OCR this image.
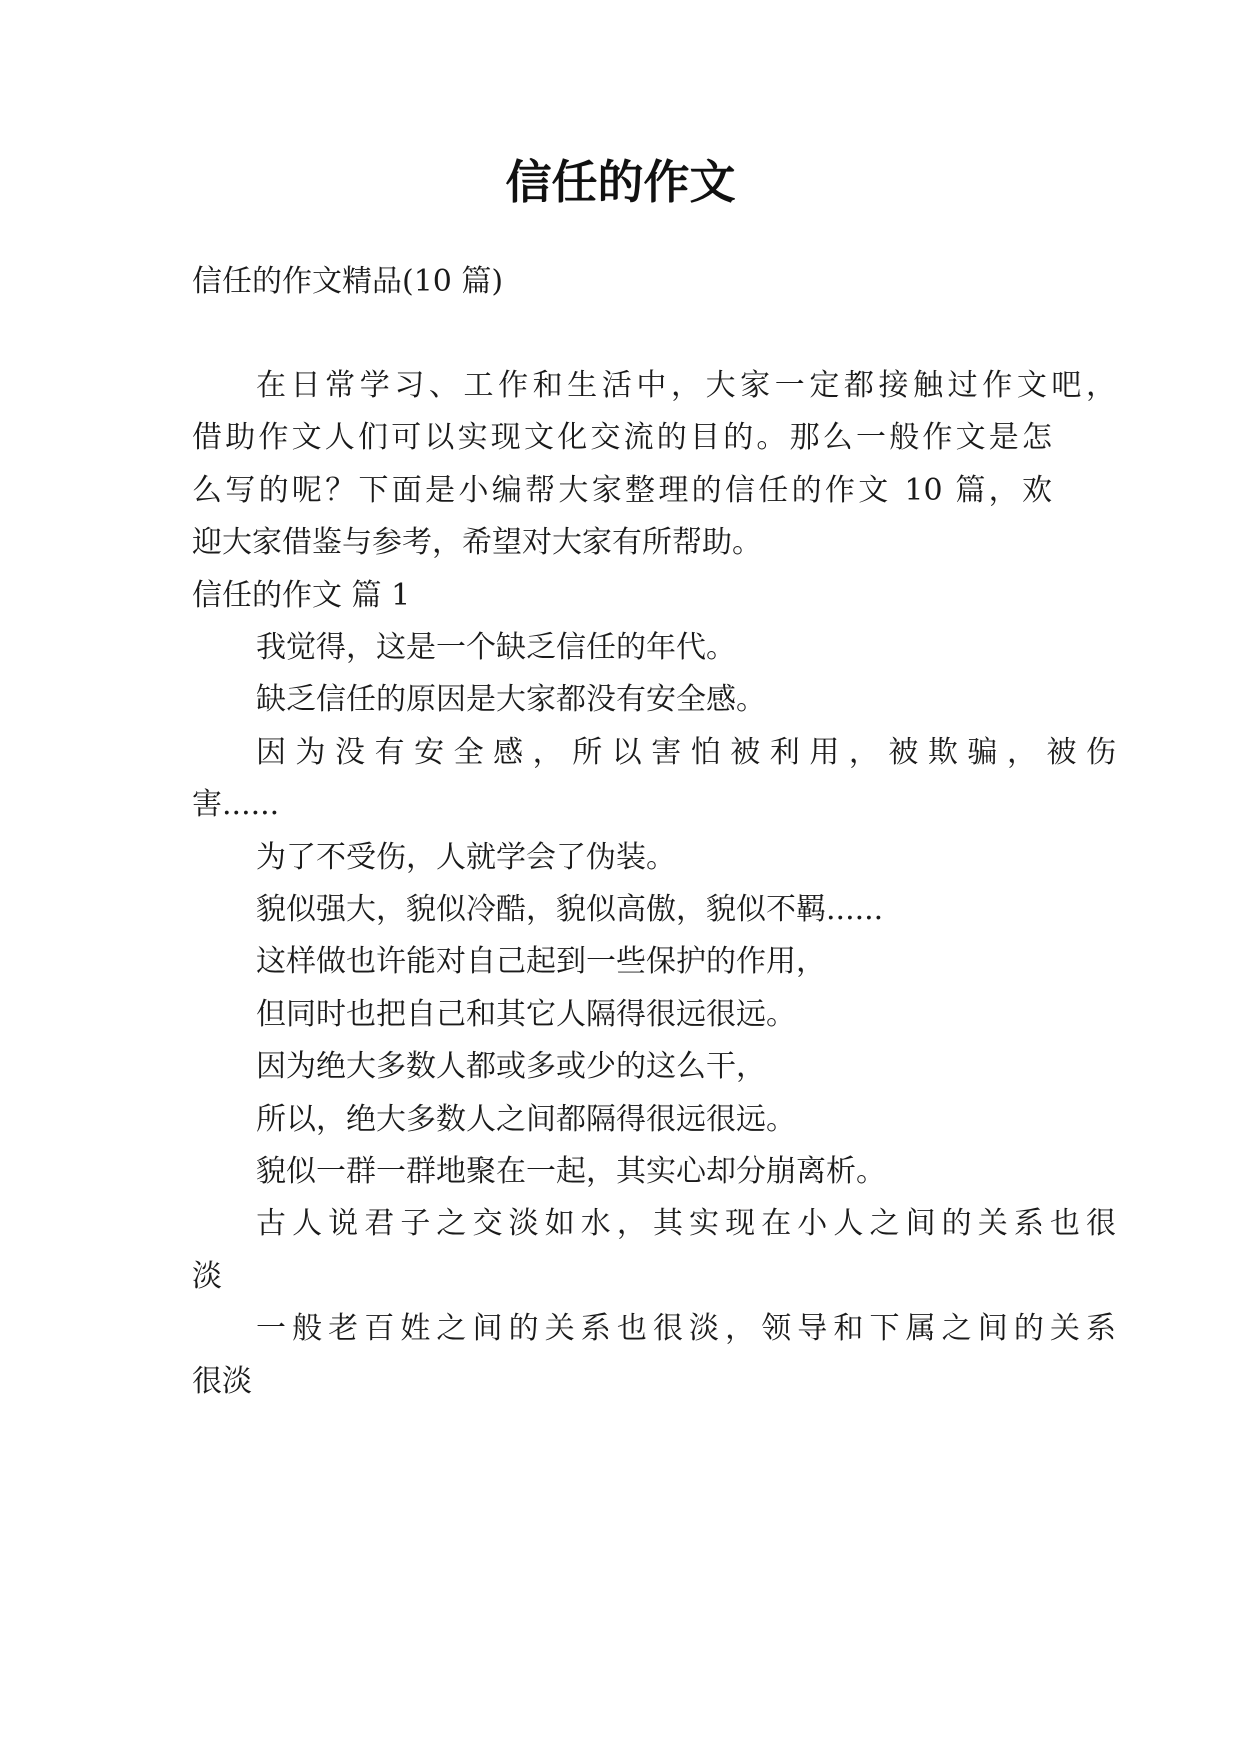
信任的作文
信任的作文精品(10 篇)
在日常学习、工作和生活中，大家一定都接触过作文吧，
借助作文人们可以实现文化交流的目的。那么一般作文是怎
么写的呢？下面是小编帮大家整理的信任的作文 10 篇，欢
迎大家借鉴与参考，希望对大家有所帮助。
信任的作文 篇 1
我觉得，这是一个缺乏信任的年代。
缺乏信任的原因是大家都没有安全感。
因为没有安全感，所以害怕被利用，被欺骗，被伤
害......
为了不受伤，人就学会了伪装。
貌似强大，貌似冷酷，貌似高傲，貌似不羁......
这样做也许能对自己起到一些保护的作用，
但同时也把自己和其它人隔得很远很远。
因为绝大多数人都或多或少的这么干，
所以，绝大多数人之间都隔得很远很远。
貌似一群一群地聚在一起，其实心却分崩离析。
古人说君子之交淡如水，其实现在小人之间的关系也很
淡
一般老百姓之间的关系也很淡，领导和下属之间的关系
很淡
